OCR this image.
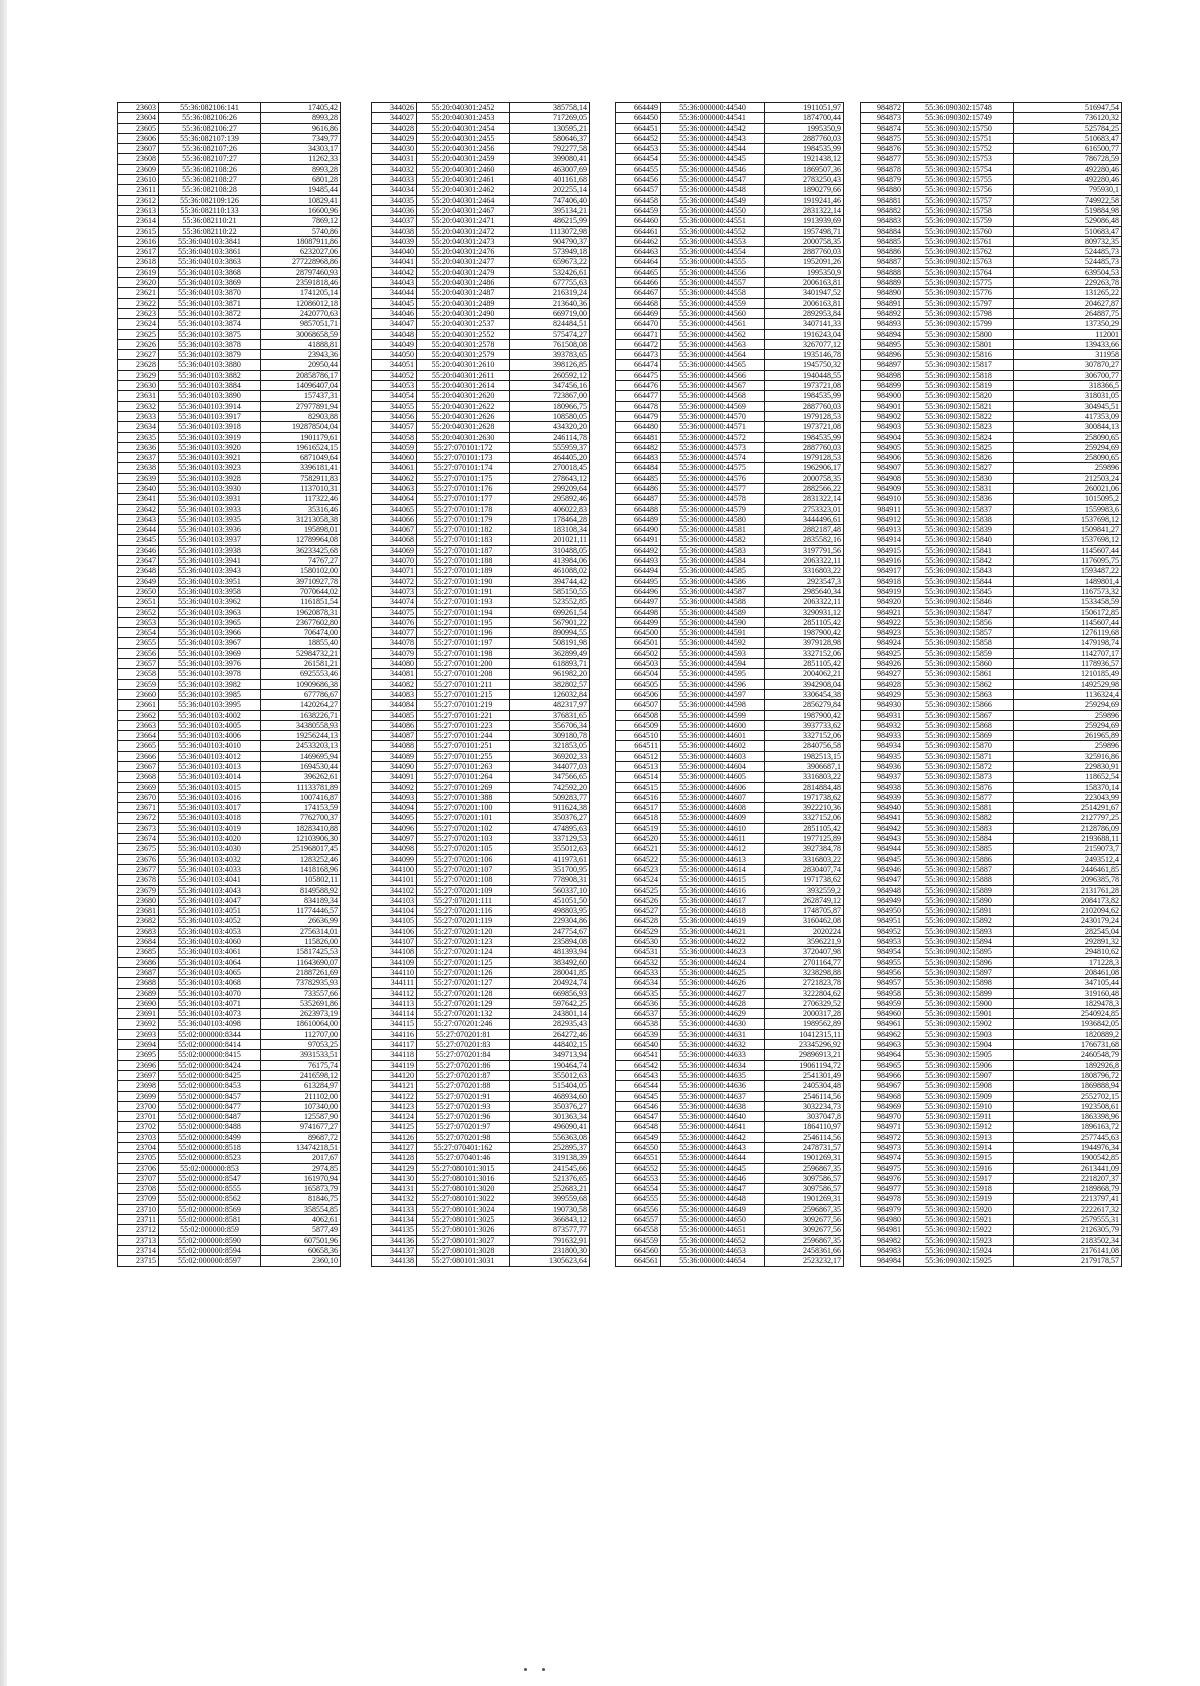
23603	55:36:082106:141	17405,42
23604	55:36:082106:26	8993,28
23605	55:36:082106:27	9616,86
23606	55:36:082107:139	7349,77
23607	55:36:082107:26	34303,17
23608	55:36:082107:27	11262,33
23609	55:36:082108:26	8993,28
23610	55:36:082108:27	6801,28
23611	55:36:082108:28	19485,44
23612	55:36:082109:126	10829,41
23613	55:36:082110:133	16600,96
23614	55:36:082110:21	7869,12
23615	55:36:082110:22	5740,86
23616	55:36:040103:3841	18087911,86
23617	55:36:040103:3861	6232027,06
23618	55:36:040103:3863	277228968,86
23619	55:36:040103:3868	28797460,93
23620	55:36:040103:3869	23591818,46
23621	55:36:040103:3870	1741205,14
23622	55:36:040103:3871	12086012,18
23623	55:36:040103:3872	2420770,63
23624	55:36:040103:3874	9857051,71
23625	55:36:040103:3875	30068658,59
23626	55:36:040103:3878	41888,81
23627	55:36:040103:3879	23943,36
23628	55:36:040103:3880	20950,44
23629	55:36:040103:3882	20858786,17
23630	55:36:040103:3884	14096407,04
23631	55:36:040103:3890	157437,31
23632	55:36:040103:3914	27977891,94
23633	55:36:040103:3917	82903,88
23634	55:36:040103:3918	192878504,04
23635	55:36:040103:3919	1901179,61
23636	55:36:040103:3920	19616524,15
23637	55:36:040103:3921	6871049,64
23638	55:36:040103:3923	3396181,41
23639	55:36:040103:3928	7582911,83
23640	55:36:040103:3930	1137010,31
23641	55:36:040103:3931	117322,46
23642	55:36:040103:3933	35316,46
23643	55:36:040103:3935	31213058,38
23644	55:36:040103:3936	195898,01
23645	55:36:040103:3937	12789964,08
23646	55:36:040103:3938	36233425,68
23647	55:36:040103:3941	74767,27
23648	55:36:040103:3943	1580102,00
23649	55:36:040103:3951	39710927,78
23650	55:36:040103:3958	7070644,02
23651	55:36:040103:3962	1161851,54
23652	55:36:040103:3963	19620878,31
23653	55:36:040103:3965	23677602,80
23654	55:36:040103:3966	706474,00
23655	55:36:040103:3967	18855,40
23656	55:36:040103:3969	52984732,21
23657	55:36:040103:3976	261581,21
23658	55:36:040103:3978	6925553,46
23659	55:36:040103:3982	10909686,38
23660	55:36:040103:3985	677786,67
23661	55:36:040103:3995	1420264,27
23662	55:36:040103:4002	1638226,71
23663	55:36:040103:4005	34380558,93
23664	55:36:040103:4006	19256244,13
23665	55:36:040103:4010	24533203,13
23666	55:36:040103:4012	1469695,94
23667	55:36:040103:4013	1694530,44
23668	55:36:040103:4014	396262,61
23669	55:36:040103:4015	11133781,89
23670	55:36:040103:4016	1007416,87
23671	55:36:040103:4017	174153,59
23672	55:36:040103:4018	7762700,37
23673	55:36:040103:4019	18283410,88
23674	55:36:040103:4020	12103906,30
23675	55:36:040103:4030	251968017,45
23676	55:36:040103:4032	1283252,46
23677	55:36:040103:4033	1418168,96
23678	55:36:040103:4041	105802,11
23679	55:36:040103:4043	8149588,92
23680	55:36:040103:4047	834189,34
23681	55:36:040103:4051	11774446,57
23682	55:36:040103:4052	26636,99
23683	55:36:040103:4053	2756314,01
23684	55:36:040103:4060	115826,00
23685	55:36:040103:4061	15817425,53
23686	55:36:040103:4064	11643690,07
23687	55:36:040103:4065	21887261,69
23688	55:36:040103:4068	73782935,93
23689	55:36:040103:4070	733557,66
23690	55:36:040103:4071	5352691,86
23691	55:36:040103:4073	2623973,19
23692	55:36:040103:4098	18610064,00
23693	55:02:000000:8344	112707,00
23694	55:02:000000:8414	97053,25
23695	55:02:000000:8415	3931533,51
23696	55:02:000000:8424	76175,74
23697	55:02:000000:8425	2416598,12
23698	55:02:000000:8453	613284,97
23699	55:02:000000:8457	211102,00
23700	55:02:000000:8477	107340,00
23701	55:02:000000:8487	125587,90
23702	55:02:000000:8488	9741677,27
23703	55:02:000000:8499	89687,72
23704	55:02:000000:8518	13474218,51
23705	55:02:000000:8523	2017,67
23706	55:02:000000:853	2974,85
23707	55:02:000000:8547	161970,94
23708	55:02:000000:8555	165873,79
23709	55:02:000000:8562	81846,75
23710	55:02:000000:8569	358554,85
23711	55:02:000000:8581	4062,61
23712	55:02:000000:859	5877,49
23713	55:02:000000:8590	607501,96
23714	55:02:000000:8594	60658,36
23715	55:02:000000:8597	2360,10
344026	55:20:040301:2452	385758,14
344027	55:20:040301:2453	717269,05
344028	55:20:040301:2454	130595,21
344029	55:20:040301:2455	580646,37
344030	55:20:040301:2456	792277,58
344031	55:20:040301:2459	399080,41
344032	55:20:040301:2460	463007,69
344033	55:20:040301:2461	401161,68
344034	55:20:040301:2462	202255,14
344035	55:20:040301:2464	747406,40
344036	55:20:040301:2467	395134,21
344037	55:20:040301:2471	486215,99
344038	55:20:040301:2472	1113072,98
344039	55:20:040301:2473	904790,37
344040	55:20:040301:2476	573949,18
344041	55:20:040301:2477	659673,22
344042	55:20:040301:2479	532426,61
344043	55:20:040301:2486	677755,63
344044	55:20:040301:2487	216319,24
344045	55:20:040301:2489	213640,36
344046	55:20:040301:2490	669719,00
344047	55:20:040301:2537	824484,51
344048	55:20:040301:2552	575474,27
344049	55:20:040301:2578	761508,08
344050	55:20:040301:2579	393783,65
344051	55:20:040301:2610	398126,85
344052	55:20:040301:2611	260592,12
344053	55:20:040301:2614	347456,16
344054	55:20:040301:2620	723867,00
344055	55:20:040301:2622	180966,75
344056	55:20:040301:2626	108580,05
344057	55:20:040301:2628	434320,20
344058	55:20:040301:2630	246114,78
344059	55:27:070101:172	555959,37
344060	55:27:070101:173	464405,20
344061	55:27:070101:174	270018,45
344062	55:27:070101:175	278643,12
344063	55:27:070101:176	299209,64
344064	55:27:070101:177	295892,46
344065	55:27:070101:178	406022,83
344066	55:27:070101:179	178464,28
344067	55:27:070101:182	183108,34
344068	55:27:070101:183	201021,11
344069	55:27:070101:187	310488,05
344070	55:27:070101:188	413984,06
344071	55:27:070101:189	461088,02
344072	55:27:070101:190	394744,42
344073	55:27:070101:191	585150,55
344074	55:27:070101:193	523552,85
344075	55:27:070101:194	699261,54
344076	55:27:070101:195	567901,22
344077	55:27:070101:196	890994,55
344078	55:27:070101:197	508191,98
344079	55:27:070101:198	362899,49
344080	55:27:070101:200	618893,71
344081	55:27:070101:208	961982,20
344082	55:27:070101:211	382802,57
344083	55:27:070101:215	126032,84
344084	55:27:070101:219	482317,97
344085	55:27:070101:221	376831,65
344086	55:27:070101:223	356706,34
344087	55:27:070101:244	309180,78
344088	55:27:070101:251	321853,05
344089	55:27:070101:255	369202,33
344090	55:27:070101:263	344077,03
344091	55:27:070101:264	347566,65
344092	55:27:070101:269	742592,20
344093	55:27:070101:388	509283,77
344094	55:27:070201:100	911624,38
344095	55:27:070201:101	350376,27
344096	55:27:070201:102	474895,63
344097	55:27:070201:103	337129,53
344098	55:27:070201:105	355012,63
344099	55:27:070201:106	411973,61
344100	55:27:070201:107	351700,95
344101	55:27:070201:108	778908,31
344102	55:27:070201:109	560337,10
344103	55:27:070201:111	451051,50
344104	55:27:070201:116	498803,95
344105	55:27:070201:119	229304,86
344106	55:27:070201:120	247754,67
344107	55:27:070201:123	235894,08
344108	55:27:070201:124	481393,94
344109	55:27:070201:125	383492,60
344110	55:27:070201:126	280041,85
344111	55:27:070201:127	204924,74
344112	55:27:070201:128	669856,93
344113	55:27:070201:129	597642,25
344114	55:27:070201:132	243801,14
344115	55:27:070201:246	282935,43
344116	55:27:070201:81	264272,46
344117	55:27:070201:83	448402,15
344118	55:27:070201:84	349713,94
344119	55:27:070201:86	190464,74
344120	55:27:070201:87	355012,63
344121	55:27:070201:88	515404,05
344122	55:27:070201:91	468934,60
344123	55:27:070201:93	350376,27
344124	55:27:070201:96	301363,34
344125	55:27:070201:97	496090,41
344126	55:27:070201:98	556363,08
344127	55:27:070401:162	252895,37
344128	55:27:070401:46	319138,39
344129	55:27:080101:3015	241545,66
344130	55:27:080101:3016	521376,65
344131	55:27:080101:3020	252683,21
344132	55:27:080101:3022	399559,68
344133	55:27:080101:3024	190730,58
344134	55:27:080101:3025	366843,12
344135	55:27:080101:3026	873577,77
344136	55:27:080101:3027	791632,91
344137	55:27:080101:3028	231800,30
344138	55:27:080101:3031	1305623,64
664449	55:36:000000:44540	1911051,97
664450	55:36:000000:44541	1874700,44
664451	55:36:000000:44542	1995350,9
664452	55:36:000000:44543	2887760,03
664453	55:36:000000:44544	1984535,99
664454	55:36:000000:44545	1921438,12
664455	55:36:000000:44546	1869507,36
664456	55:36:000000:44547	2783250,43
664457	55:36:000000:44548	1890279,66
664458	55:36:000000:44549	1919241,46
664459	55:36:000000:44550	2831322,14
664460	55:36:000000:44551	1913939,69
664461	55:36:000000:44552	1957498,71
664462	55:36:000000:44553	2000758,35
664463	55:36:000000:44554	2887760,03
664464	55:36:000000:44555	1952091,26
664465	55:36:000000:44556	1995350,9
664466	55:36:000000:44557	2006163,81
664467	55:36:000000:44558	3401947,52
664468	55:36:000000:44559	2006163,81
664469	55:36:000000:44560	2892953,84
664470	55:36:000000:44561	3407141,33
664471	55:36:000000:44562	1916243,04
664472	55:36:000000:44563	3267077,12
664473	55:36:000000:44564	1935146,78
664474	55:36:000000:44565	1945750,32
664475	55:36:000000:44566	1940448,55
664476	55:36:000000:44567	1973721,08
664477	55:36:000000:44568	1984535,99
664478	55:36:000000:44569	2887760,03
664479	55:36:000000:44570	1979128,53
664480	55:36:000000:44571	1973721,08
664481	55:36:000000:44572	1984535,99
664482	55:36:000000:44573	2887760,03
664483	55:36:000000:44574	1979128,53
664484	55:36:000000:44575	1962906,17
664485	55:36:000000:44576	2000758,35
664486	55:36:000000:44577	2882566,22
664487	55:36:000000:44578	2831322,14
664488	55:36:000000:44579	2753323,01
664489	55:36:000000:44580	3444496,61
664490	55:36:000000:44581	2882187,48
664491	55:36:000000:44582	2835582,16
664492	55:36:000000:44583	3197791,56
664493	55:36:000000:44584	2063322,11
664494	55:36:000000:44585	3316803,22
664495	55:36:000000:44586	2923547,3
664496	55:36:000000:44587	2985640,34
664497	55:36:000000:44588	2063322,11
664498	55:36:000000:44589	3290931,12
664499	55:36:000000:44590	2851105,42
664500	55:36:000000:44591	1987900,42
664501	55:36:000000:44592	3979128,98
664502	55:36:000000:44593	3327152,06
664503	55:36:000000:44594	2851105,42
664504	55:36:000000:44595	2004062,21
664505	55:36:000000:44596	3942908,04
664506	55:36:000000:44597	3306454,38
664507	55:36:000000:44598	2856279,84
664508	55:36:000000:44599	1987900,42
664509	55:36:000000:44600	3937733,62
664510	55:36:000000:44601	3327152,06
664511	55:36:000000:44602	2840756,58
664512	55:36:000000:44603	1982513,15
664513	55:36:000000:44604	3906687,1
664514	55:36:000000:44605	3316803,22
664515	55:36:000000:44606	2814884,48
664516	55:36:000000:44607	1971738,62
664517	55:36:000000:44608	3922210,36
664518	55:36:000000:44609	3327152,06
664519	55:36:000000:44610	2851105,42
664520	55:36:000000:44611	1977125,89
664521	55:36:000000:44612	3927384,78
664522	55:36:000000:44613	3316803,22
664523	55:36:000000:44614	2830407,74
664524	55:36:000000:44615	1971738,62
664525	55:36:000000:44616	3932559,2
664526	55:36:000000:44617	2628749,12
664527	55:36:000000:44618	1748705,87
664528	55:36:000000:44619	3160462,08
664529	55:36:000000:44621	2020224
664530	55:36:000000:44622	3596221,9
664531	55:36:000000:44623	3720407,98
664532	55:36:000000:44624	2701164,77
664533	55:36:000000:44625	3238298,88
664534	55:36:000000:44626	2721823,78
664535	55:36:000000:44627	3222804,62
664536	55:36:000000:44628	2706329,52
664537	55:36:000000:44629	2000317,28
664538	55:36:000000:44630	1989562,89
664539	55:36:000000:44631	10412315,11
664540	55:36:000000:44632	23345296,92
664541	55:36:000000:44633	29896913,21
664542	55:36:000000:44634	19061194,72
664543	55:36:000000:44635	2541301,49
664544	55:36:000000:44636	2405304,48
664545	55:36:000000:44637	2546114,56
664546	55:36:000000:44638	3032234,73
664547	55:36:000000:44640	3037047,8
664548	55:36:000000:44641	1864110,97
664549	55:36:000000:44642	2546114,56
664550	55:36:000000:44643	2478731,57
664551	55:36:000000:44644	1901269,31
664552	55:36:000000:44645	2596867,35
664553	55:36:000000:44646	3097586,57
664554	55:36:000000:44647	3097586,57
664555	55:36:000000:44648	1901269,31
664556	55:36:000000:44649	2596867,35
664557	55:36:000000:44650	3092677,56
664558	55:36:000000:44651	3092677,56
664559	55:36:000000:44652	2596867,35
664560	55:36:000000:44653	2458361,66
664561	55:36:000000:44654	2523232,17
984872	55:36:090302:15748	516947,54
984873	55:36:090302:15749	736120,32
984874	55:36:090302:15750	525784,25
984875	55:36:090302:15751	510683,47
984876	55:36:090302:15752	616500,77
984877	55:36:090302:15753	786728,59
984878	55:36:090302:15754	492280,46
984879	55:36:090302:15755	492280,46
984880	55:36:090302:15756	795930,1
984881	55:36:090302:15757	749922,58
984882	55:36:090302:15758	519884,98
984883	55:36:090302:15759	529086,48
984884	55:36:090302:15760	510683,47
984885	55:36:090302:15761	809732,35
984886	55:36:090302:15762	524485,73
984887	55:36:090302:15763	524485,73
984888	55:36:090302:15764	639504,53
984889	55:36:090302:15775	229263,78
984890	55:36:090302:15776	131265,22
984891	55:36:090302:15797	204627,87
984892	55:36:090302:15798	264887,75
984893	55:36:090302:15799	137350,29
984894	55:36:090302:15800	112001
984895	55:36:090302:15801	139433,66
984896	55:36:090302:15816	311958
984897	55:36:090302:15817	307870,27
984898	55:36:090302:15818	306700,77
984899	55:36:090302:15819	318366,5
984900	55:36:090302:15820	318031,05
984901	55:36:090302:15821	304945,51
984902	55:36:090302:15822	417353,09
984903	55:36:090302:15823	300844,13
984904	55:36:090302:15824	258090,65
984905	55:36:090302:15825	259294,69
984906	55:36:090302:15826	258090,65
984907	55:36:090302:15827	259896
984908	55:36:090302:15830	212503,24
984909	55:36:090302:15831	260021,06
984910	55:36:090302:15836	1015095,2
984911	55:36:090302:15837	1559983,6
984912	55:36:090302:15838	1537698,12
984913	55:36:090302:15839	1509841,27
984914	55:36:090302:15840	1537698,12
984915	55:36:090302:15841	1145607,44
984916	55:36:090302:15842	1176095,75
984917	55:36:090302:15843	1593487,22
984918	55:36:090302:15844	1489801,4
984919	55:36:090302:15845	1167573,32
984920	55:36:090302:15846	1533458,59
984921	55:36:090302:15847	1506172,85
984922	55:36:090302:15856	1145607,44
984923	55:36:090302:15857	1276119,68
984924	55:36:090302:15858	1479198,74
984925	55:36:090302:15859	1142707,17
984926	55:36:090302:15860	1178936,57
984927	55:36:090302:15861	1210185,49
984928	55:36:090302:15862	1492529,98
984929	55:36:090302:15863	1136324,4
984930	55:36:090302:15866	259294,69
984931	55:36:090302:15867	259896
984932	55:36:090302:15868	259294,69
984933	55:36:090302:15869	261965,89
984934	55:36:090302:15870	259896
984935	55:36:090302:15871	325916,86
984936	55:36:090302:15872	229830,91
984937	55:36:090302:15873	118652,54
984938	55:36:090302:15876	158370,14
984939	55:36:090302:15877	223043,99
984940	55:36:090302:15881	2514291,67
984941	55:36:090302:15882	2127797,25
984942	55:36:090302:15883	2128786,09
984943	55:36:090302:15884	2193688,11
984944	55:36:090302:15885	2159073,7
984945	55:36:090302:15886	2493512,4
984946	55:36:090302:15887	2446461,85
984947	55:36:090302:15888	2096385,78
984948	55:36:090302:15889	2131761,28
984949	55:36:090302:15890	2084173,82
984950	55:36:090302:15891	2102094,62
984951	55:36:090302:15892	2430179,24
984952	55:36:090302:15893	282545,04
984953	55:36:090302:15894	292891,32
984954	55:36:090302:15895	294810,62
984955	55:36:090302:15896	171228,3
984956	55:36:090302:15897	208461,08
984957	55:36:090302:15898	347105,44
984958	55:36:090302:15899	319160,48
984959	55:36:090302:15900	1829478,3
984960	55:36:090302:15901	2540924,85
984961	55:36:090302:15902	1936842,05
984962	55:36:090302:15903	1820889,2
984963	55:36:090302:15904	1766731,68
984964	55:36:090302:15905	2460548,79
984965	55:36:090302:15906	1892926,8
984966	55:36:090302:15907	1808796,72
984967	55:36:090302:15908	1869888,94
984968	55:36:090302:15909	2552702,15
984969	55:36:090302:15910	1923508,61
984970	55:36:090302:15911	1863398,96
984971	55:36:090302:15912	1896163,72
984972	55:36:090302:15913	2577445,63
984973	55:36:090302:15914	1944976,34
984974	55:36:090302:15915	1900542,85
984975	55:36:090302:15916	2613441,09
984976	55:36:090302:15917	2218207,37
984977	55:36:090302:15918	2189868,79
984978	55:36:090302:15919	2213797,41
984979	55:36:090302:15920	2222617,32
984980	55:36:090302:15921	2579555,31
984981	55:36:090302:15922	2126305,79
984982	55:36:090302:15923	2183502,34
984983	55:36:090302:15924	2176141,08
984984	55:36:090302:15925	2179178,57
